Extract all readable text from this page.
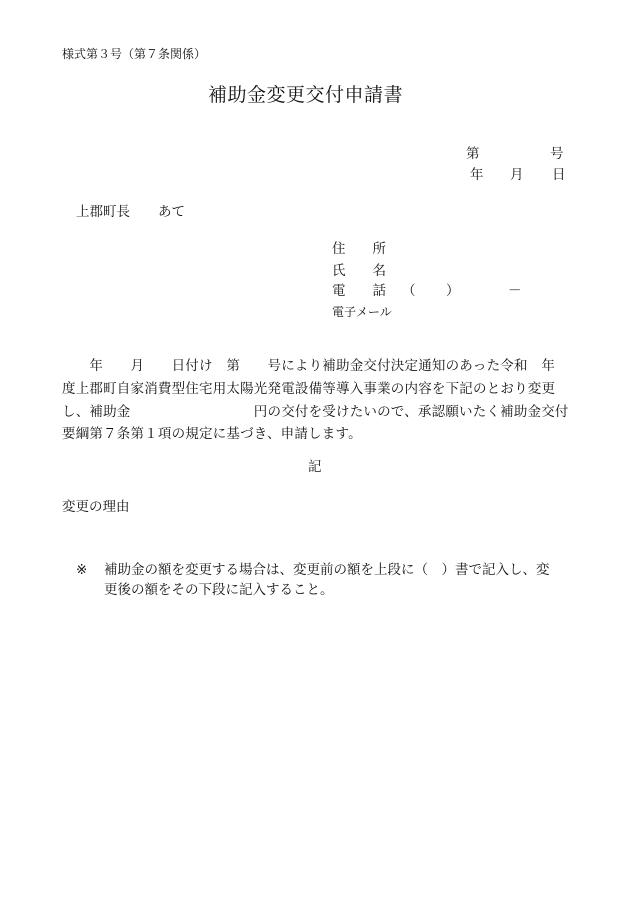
様式第３号（第７条関係）
補助金変更交付申請書
第	号
年 月 日
上郡町長 あて
住　　所
氏　　名
電　　話 （ ）	－
電子メール
　　年　　月　　日付け　第　　号により補助金交付決定通知のあった令和　年
度上郡町自家消費型住宅用太陽光発電設備等導入事業の内容を下記のとおり変更
し、補助金　　　　　　　　　円の交付を受けたいので、承認願いたく補助金交付
要綱第７条第１項の規定に基づき、申請します。
記
変更の理由
※ 補助金の額を変更する場合は、変更前の額を上段に（　）書で記入し、変
更後の額をその下段に記入すること。
